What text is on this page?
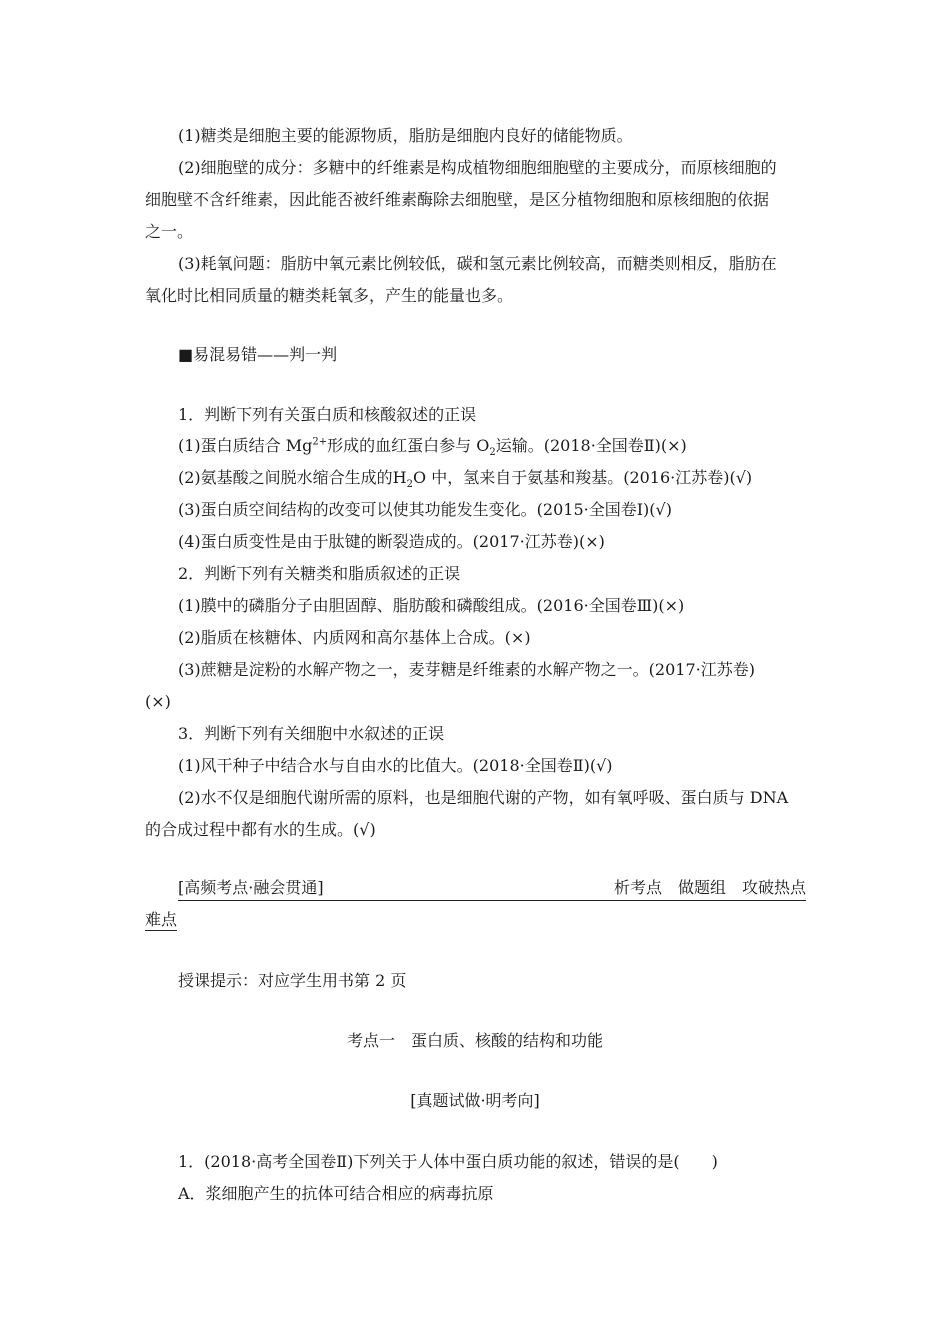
(1)糖类是细胞主要的能源物质，脂肪是细胞内良好的储能物质。
(2)细胞壁的成分：多糖中的纤维素是构成植物细胞细胞壁的主要成分，而原核细胞的
细胞壁不含纤维素，因此能否被纤维素酶除去细胞壁，是区分植物细胞和原核细胞的依据
之一。
(3)耗氧问题：脂肪中氧元素比例较低，碳和氢元素比例较高，而糖类则相反，脂肪在
氧化时比相同质量的糖类耗氧多，产生的能量也多。
■易混易错——判一判
1．判断下列有关蛋白质和核酸叙述的正误
(1)蛋白质结合 $Mg^{2+}$形成的血红蛋白参与 $O_2$运输。(2018·全国卷Ⅱ)(×)
(2)氨基酸之间脱水缩合生成的$H_2O$ 中，氢来自于氨基和羧基。(2016·江苏卷)(√)
(3)蛋白质空间结构的改变可以使其功能发生变化。(2015·全国卷Ⅰ)(√)
(4)蛋白质变性是由于肽键的断裂造成的。(2017·江苏卷)(×)
2．判断下列有关糖类和脂质叙述的正误
(1)膜中的磷脂分子由胆固醇、脂肪酸和磷酸组成。(2016·全国卷Ⅲ)(×)
(2)脂质在核糖体、内质网和高尔基体上合成。(×)
(3)蔗糖是淀粉的水解产物之一，麦芽糖是纤维素的水解产物之一。(2017·江苏卷)
(×)
3．判断下列有关细胞中水叙述的正误
(1)风干种子中结合水与自由水的比值大。(2018·全国卷Ⅱ)(√)
(2)水不仅是细胞代谢所需的原料，也是细胞代谢的产物，如有氧呼吸、蛋白质与 DNA
的合成过程中都有水的生成。(√)
[高频考点·融会贯通]	析考点　做题组　攻破热点
难点
授课提示：对应学生用书第 2 页
考点一　蛋白质、核酸的结构和功能
[真题试做·明考向]
1．(2018·高考全国卷Ⅱ)下列关于人体中蛋白质功能的叙述，错误的是(　　)
A．浆细胞产生的抗体可结合相应的病毒抗原
